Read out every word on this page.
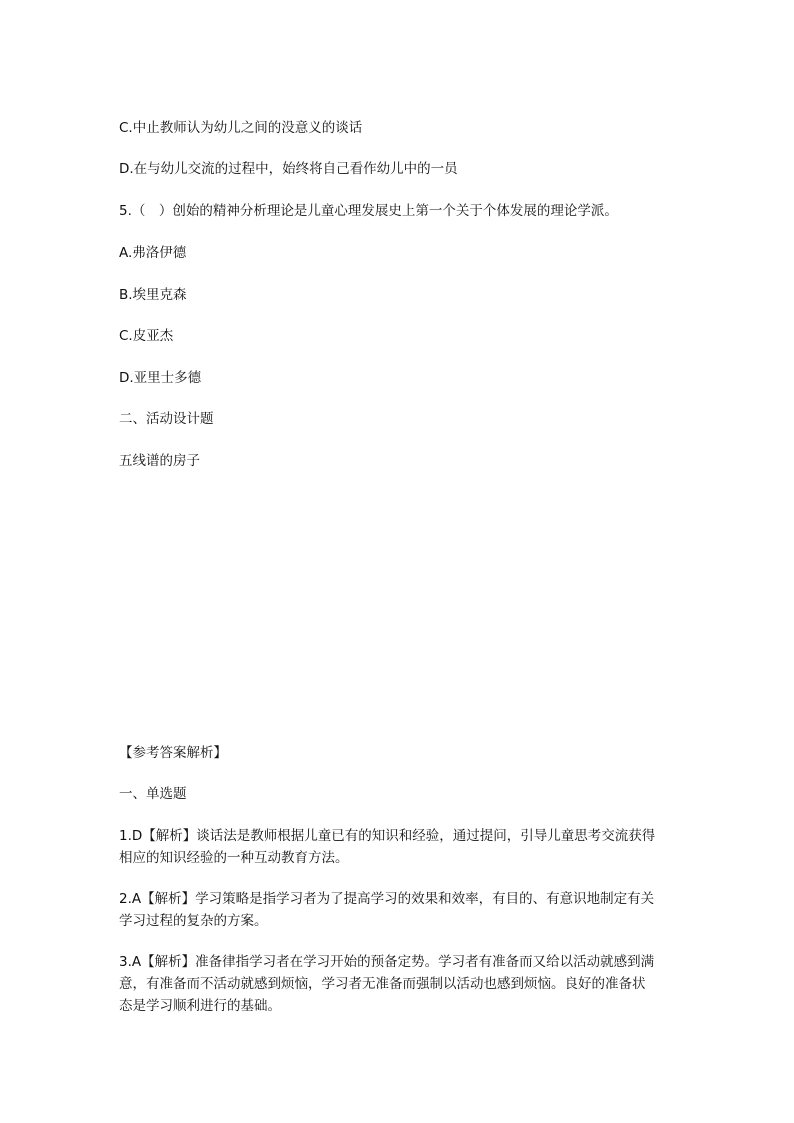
C.中止教师认为幼儿之间的没意义的谈话
D.在与幼儿交流的过程中，始终将自己看作幼儿中的一员
5.（　）创始的精神分析理论是儿童心理发展史上第一个关于个体发展的理论学派。
A.弗洛伊德
B.埃里克森
C.皮亚杰
D.亚里士多德
二、活动设计题
五线谱的房子
【参考答案解析】
一、单选题
1.D【解析】谈话法是教师根据儿童已有的知识和经验，通过提问，引导儿童思考交流获得
相应的知识经验的一种互动教育方法。
2.A【解析】学习策略是指学习者为了提高学习的效果和效率，有目的、有意识地制定有关
学习过程的复杂的方案。
3.A【解析】准备律指学习者在学习开始的预备定势。学习者有准备而又给以活动就感到满
意，有准备而不活动就感到烦恼，学习者无准备而强制以活动也感到烦恼。良好的准备状
态是学习顺利进行的基础。
